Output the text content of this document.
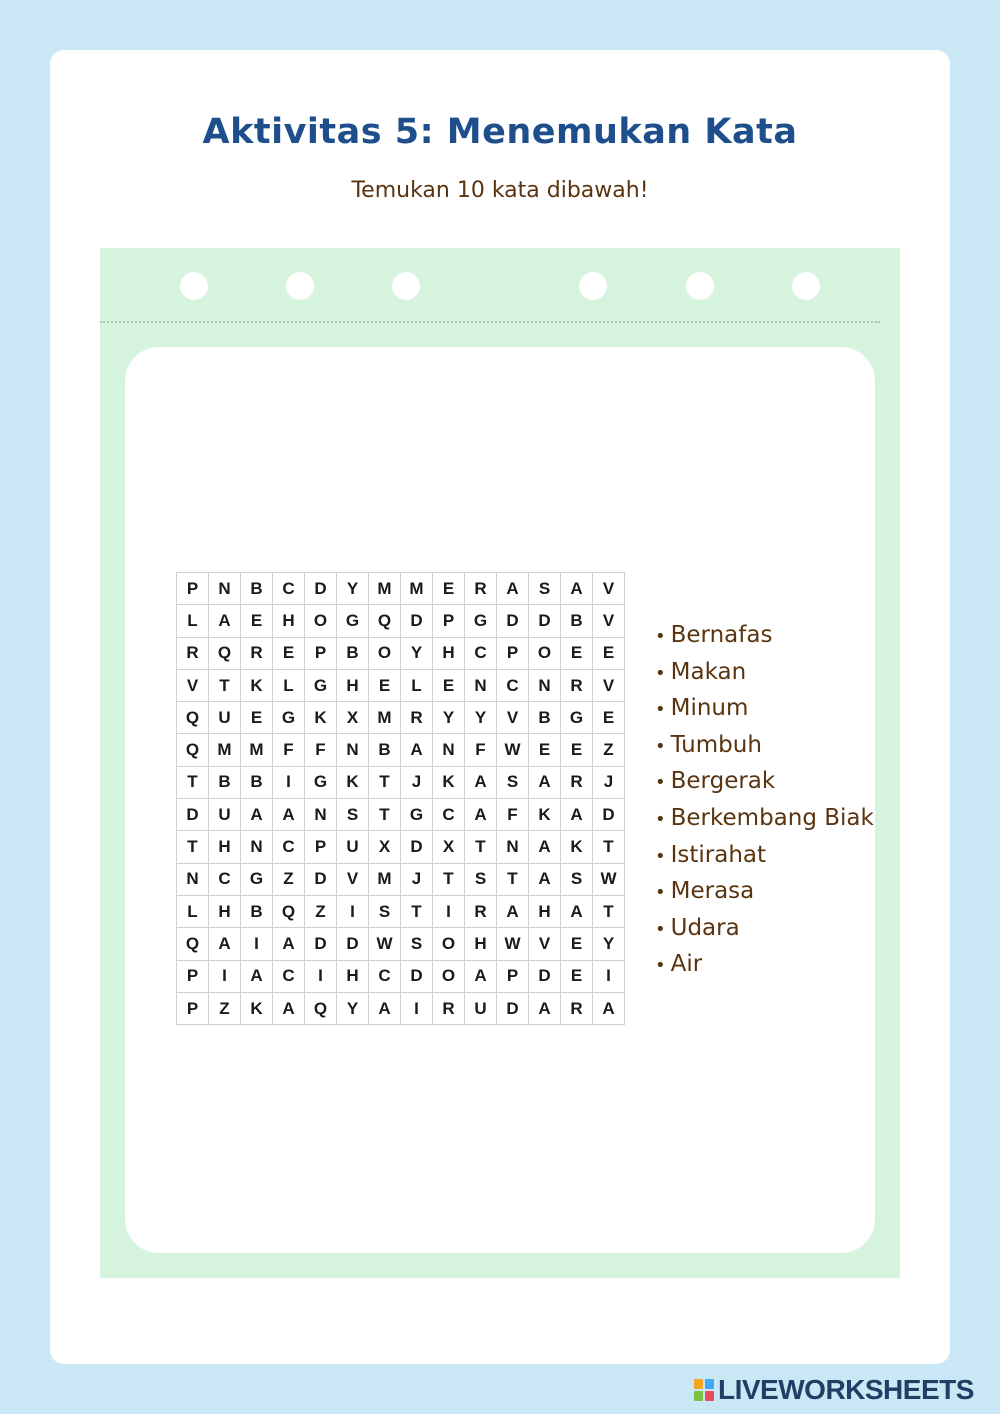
Aktivitas 5: Menemukan Kata
Temukan 10 kata dibawah!
P	N	B	C	D	Y	M	M	E	R	A	S	A	V
L	A	E	H	O	G	Q	D	P	G	D	D	B	V
R	Q	R	E	P	B	O	Y	H	C	P	O	E	E
V	T	K	L	G	H	E	L	E	N	C	N	R	V
Q	U	E	G	K	X	M	R	Y	Y	V	B	G	E
Q	M	M	F	F	N	B	A	N	F	W	E	E	Z
T	B	B	I	G	K	T	J	K	A	S	A	R	J
D	U	A	A	N	S	T	G	C	A	F	K	A	D
T	H	N	C	P	U	X	D	X	T	N	A	K	T
N	C	G	Z	D	V	M	J	T	S	T	A	S	W
L	H	B	Q	Z	I	S	T	I	R	A	H	A	T
Q	A	I	A	D	D	W	S	O	H	W	V	E	Y
P	I	A	C	I	H	C	D	O	A	P	D	E	I
P	Z	K	A	Q	Y	A	I	R	U	D	A	R	A
• Bernafas
• Makan
• Minum
• Tumbuh
• Bergerak
• Berkembang Biak
• Istirahat
• Merasa
• Udara
• Air
LIVEWORKSHEETS
